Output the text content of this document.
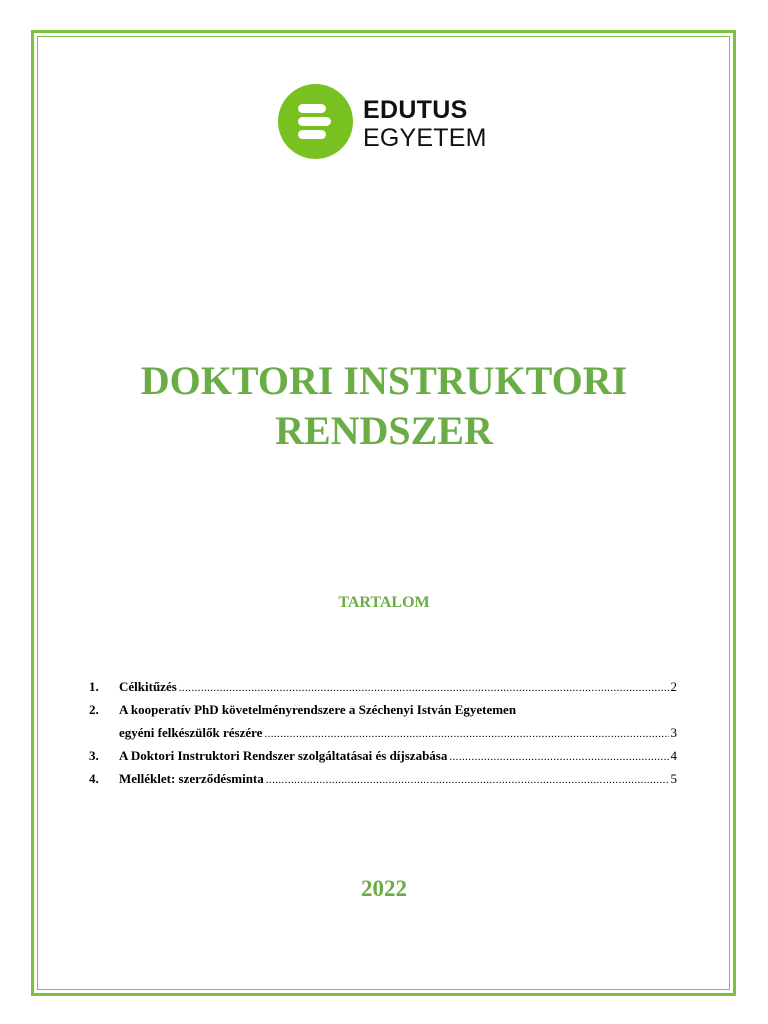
EDUTUS
EGYETEM
DOKTORI INSTRUKTORI
RENDSZER
TARTALOM
1.	Célkitűzés .....	2
2.	A kooperatív PhD követelményrendszere a Széchenyi István Egyetemen
egyéni felkészülők részére .....	3
3.	A Doktori Instruktori Rendszer szolgáltatásai és díjszabása .....	4
4.	Melléklet: szerződésminta .....	5
2022
